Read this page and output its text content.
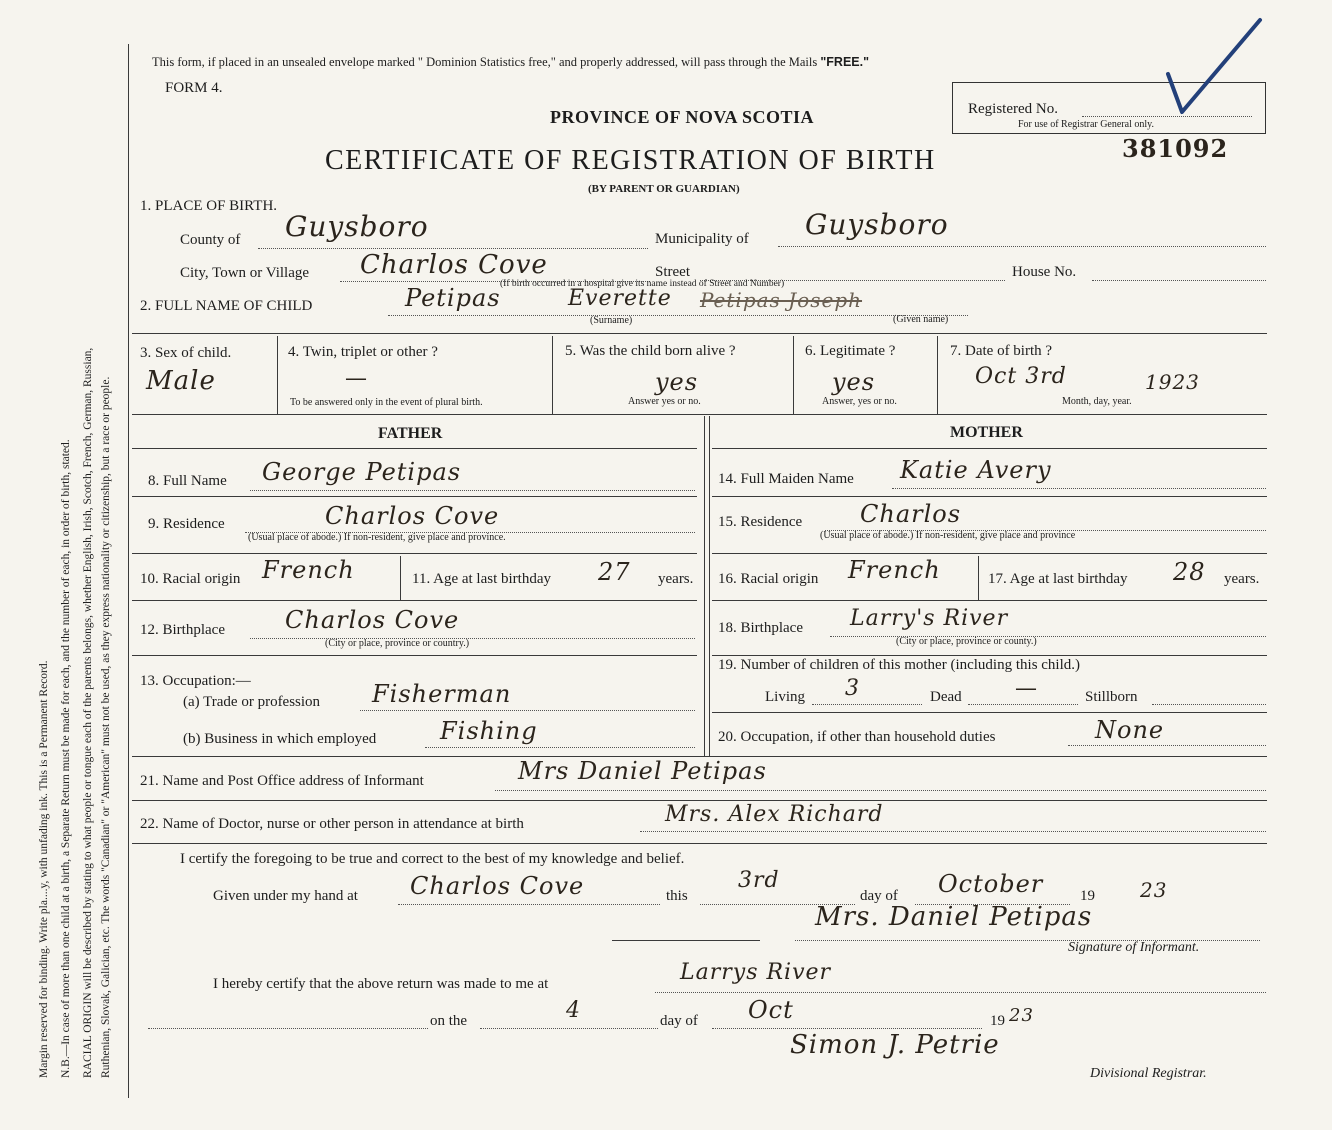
Margin reserved for binding. Write pla....y, with unfading ink. This is a Permanent Record. N.B.—In case of more than one child at a birth, a Separate Return must be made for each, and the number of each, in order of birth, stated. RACIAL ORIGIN will be described by stating to what people or tongue each of the parents belongs, whether English, Irish, Scotch, French, German, Russian, Ruthenian, Slovak, Galician, etc. The words "Canadian" or "American" must not be used, as they express nationality or citizenship, but a race or people.
This form, if placed in an unsealed envelope marked " Dominion Statistics free," and properly addressed, will pass through the Mails "FREE."
FORM 4.
PROVINCE OF NOVA SCOTIA
CERTIFICATE OF REGISTRATION OF BIRTH
(BY PARENT OR GUARDIAN)
Registered No.
For use of Registrar General only.
381092
1. PLACE OF BIRTH.
County of Guysboro	Municipality of Guysboro
City, Town or Village Charlos Cove	Street	House No.
(If birth occurred in a hospital give its name instead of Street and Number)
2. FULL NAME OF CHILD	Petipas	Everette Petipas Joseph
(Surname)	(Given name)
3. Sex of child.
Male
4. Twin, triplet or other ?
—
To be answered only in the event of plural birth.
5. Was the child born alive ?
yes
Answer yes or no.
6. Legitimate ?
yes
Answer, yes or no.
7. Date of birth ?
Oct 3rd	1923
Month, day, year.
FATHER	MOTHER
8. Full Name George Petipas
9. Residence	Charlos Cove
(Usual place of abode.) If non-resident, give place and province.
10. Racial origin French	11. Age at last birthday 27 years.
12. Birthplace	Charlos Cove
(City or place, province or country.)
13. Occupation:—
(a) Trade or profession Fisherman
(b) Business in which employed	Fishing
14. Full Maiden Name Katie Avery
15. Residence Charlos
(Usual place of abode.) If non-resident, give place and province
16. Racial origin French	17. Age at last birthday 28 years.
18. Birthplace Larry's River
(City or place, province or county.)
19. Number of children of this mother (including this child.)
Living 3	Dead —	Stillborn
20. Occupation, if other than household duties	None
21. Name and Post Office address of Informant	Mrs Daniel Petipas
22. Name of Doctor, nurse or other person in attendance at birth	Mrs. Alex Richard
I certify the foregoing to be true and correct to the best of my knowledge and belief.
Given under my hand at Charlos Cove	this
3rd
day of October 19 23
Mrs. Daniel Petipas
Signature of Informant.
I hereby certify that the above return was made to me at	Larrys River
on the	4	day of Oct	19 23
Simon J. Petrie
Divisional Registrar.
